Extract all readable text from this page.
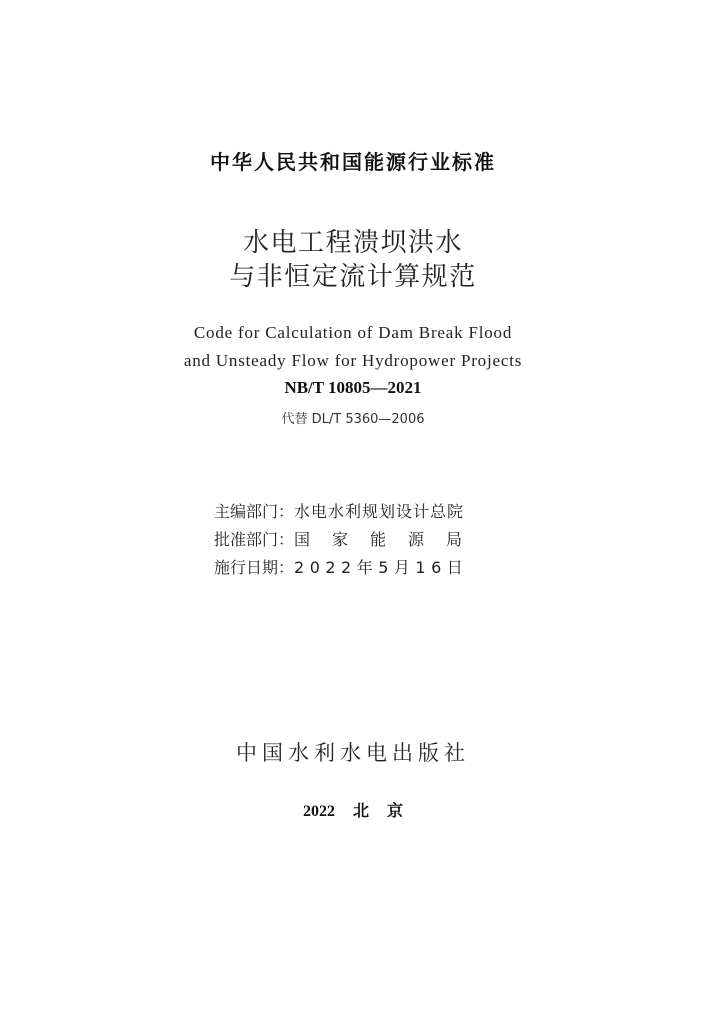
中华人民共和国能源行业标准
水电工程溃坝洪水
与非恒定流计算规范
Code for Calculation of Dam Break Flood
and Unsteady Flow for Hydropower Projects
NB/T 10805—2021
代替 DL/T 5360—2006
主编部门：水电水利规划设计总院
批准部门：国家能源局
施行日期：2022年5月16日
中国水利水电出版社
2022 北京
